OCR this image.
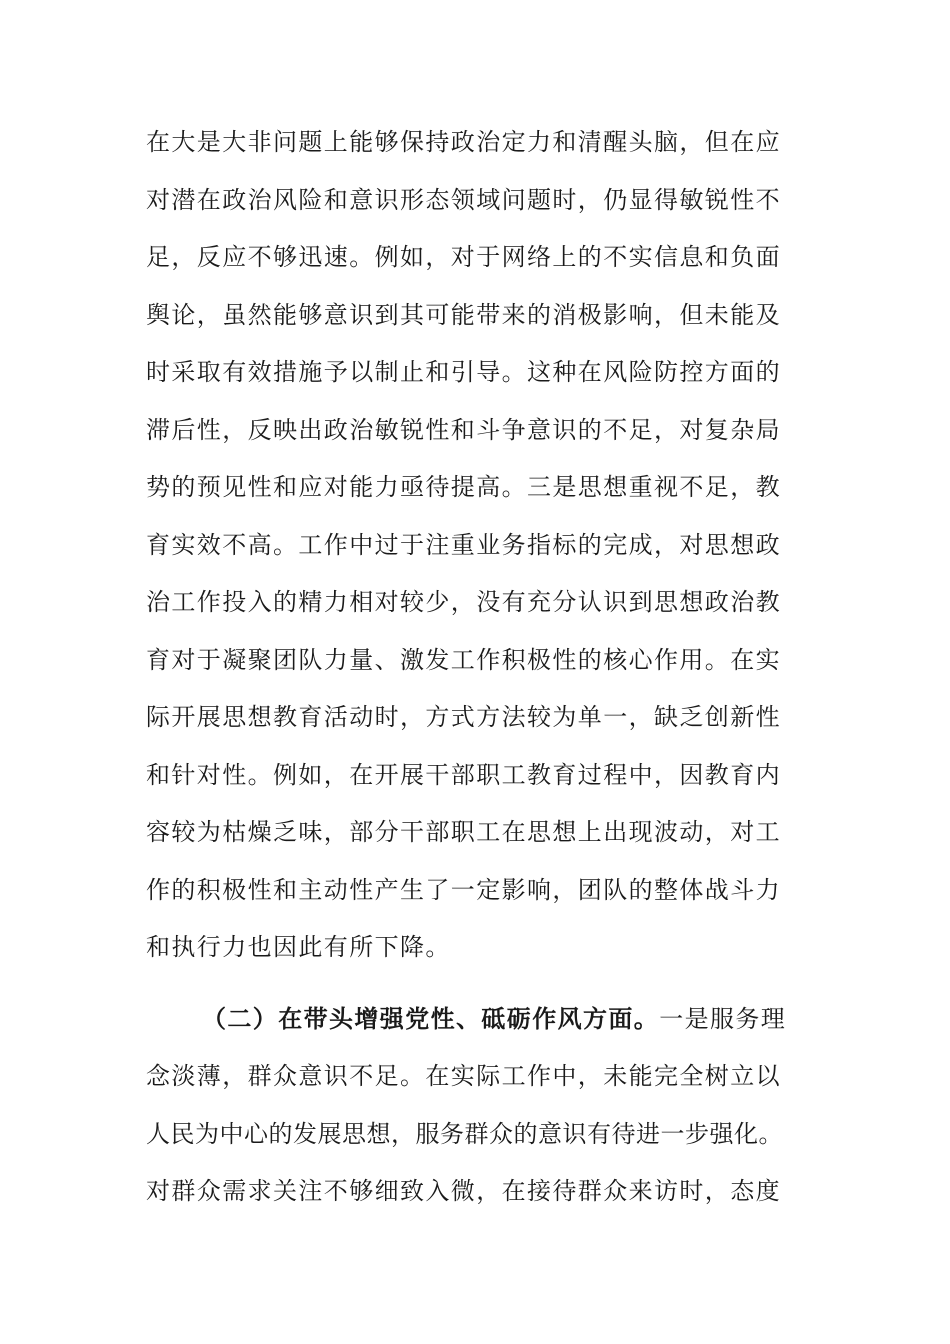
在大是大非问题上能够保持政治定力和清醒头脑，但在应
对潜在政治风险和意识形态领域问题时，仍显得敏锐性不
足，反应不够迅速。例如，对于网络上的不实信息和负面
舆论，虽然能够意识到其可能带来的消极影响，但未能及
时采取有效措施予以制止和引导。这种在风险防控方面的
滞后性，反映出政治敏锐性和斗争意识的不足，对复杂局
势的预见性和应对能力亟待提高。三是思想重视不足，教
育实效不高。工作中过于注重业务指标的完成，对思想政
治工作投入的精力相对较少，没有充分认识到思想政治教
育对于凝聚团队力量、激发工作积极性的核心作用。在实
际开展思想教育活动时，方式方法较为单一，缺乏创新性
和针对性。例如，在开展干部职工教育过程中，因教育内
容较为枯燥乏味，部分干部职工在思想上出现波动，对工
作的积极性和主动性产生了一定影响，团队的整体战斗力
和执行力也因此有所下降。
（二）在带头增强党性、砥砺作风方面。一是服务理
念淡薄，群众意识不足。在实际工作中，未能完全树立以
人民为中心的发展思想，服务群众的意识有待进一步强化。
对群众需求关注不够细致入微，在接待群众来访时，态度
